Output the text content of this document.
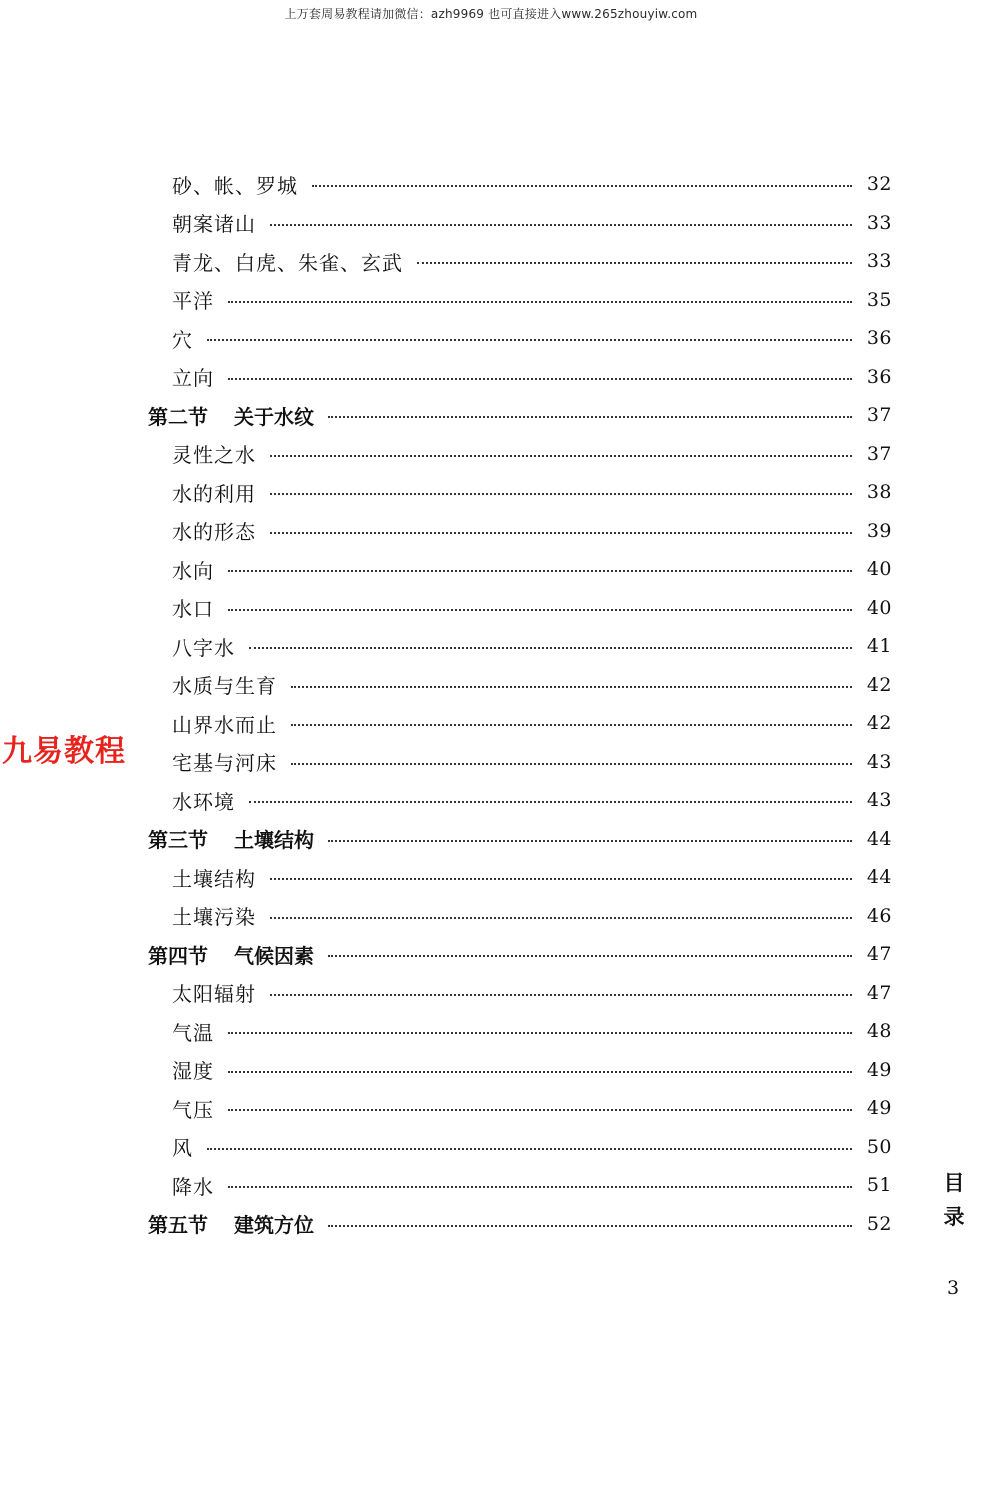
上万套周易教程请加微信：azh9969 也可直接进入www.265zhouyiw.com
砂、帐、罗城	32
朝案诸山	33
青龙、白虎、朱雀、玄武	33
平洋	35
穴	36
立向	36
第二节 关于水纹	37
灵性之水	37
水的利用	38
水的形态	39
水向	40
水口	40
八字水	41
水质与生育	42
山界水而止	42
宅基与河床	43
水环境	43
第三节 土壤结构	44
土壤结构	44
土壤污染	46
第四节 气候因素	47
太阳辐射	47
气温	48
湿度	49
气压	49
风	50
降水	51
第五节 建筑方位	52
九易教程
目
录
3
